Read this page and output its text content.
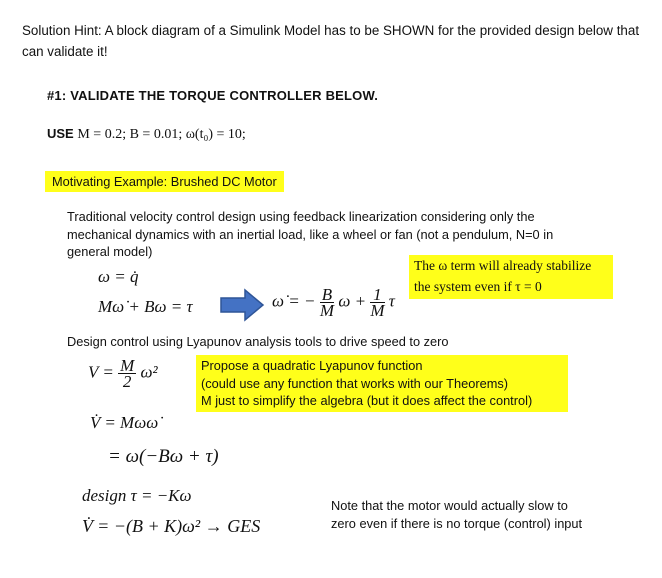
Solution Hint: A block diagram of a Simulink Model has to be SHOWN for the provided design below that can validate it!
#1: VALIDATE THE TORQUE CONTROLLER BELOW.
USE M = 0.2; B = 0.01; ω(t₀) = 10;
Motivating Example: Brushed DC Motor
Traditional velocity control design using feedback linearization considering only the mechanical dynamics with an inertial load, like a wheel or fan (not a pendulum, N=0 in general model)
The ω term will already stabilize
the system even if τ = 0
ω = q̇
Mω̇ + Bω = τ	ω̇ = − $\frac{B}{M}$ $\omega + \frac{1}{M}$ τ
Design control using Lyapunov analysis tools to drive speed to zero
$V = \frac{M}{2} \omega^2$	Propose a quadratic Lyapunov function
(could use any function that works with our Theorems)
M just to simplify the algebra (but it does affect the control)
V̇ = Mωω̇
= ω(−Bω + τ)
design τ = −Kω
V̇ = −(B + K)ω² → GES
Note that the motor would actually slow to zero even if there is no torque (control) input
